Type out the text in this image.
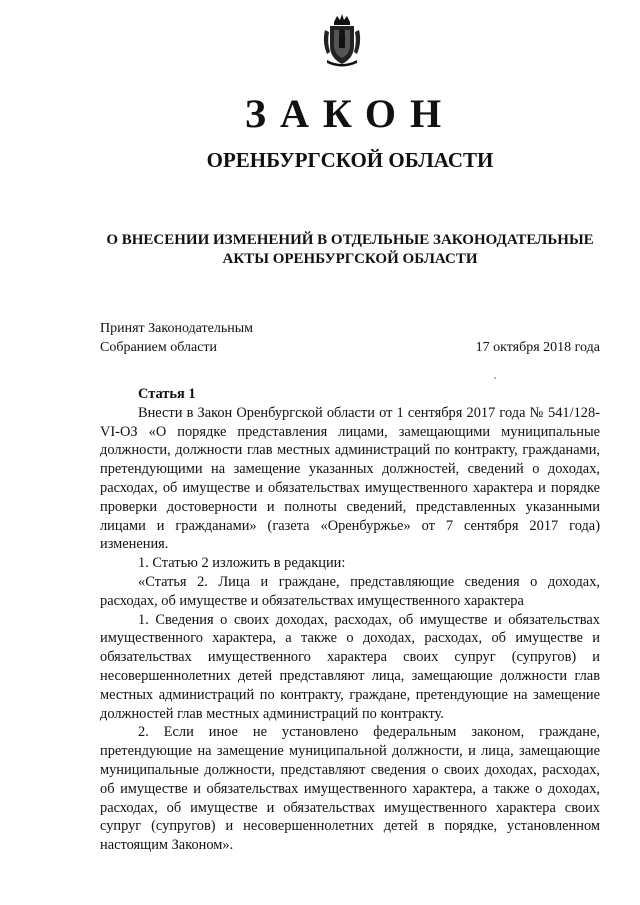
ЗАКОН
ОРЕНБУРГСКОЙ ОБЛАСТИ
О ВНЕСЕНИИ ИЗМЕНЕНИЙ В ОТДЕЛЬНЫЕ ЗАКОНОДАТЕЛЬНЫЕ
АКТЫ ОРЕНБУРГСКОЙ ОБЛАСТИ
Принят Законодательным
Собранием области	17 октября 2018 года

Статья 1

Внести в Закон Оренбургской области от 1 сентября 2017 года № 541/128-VI-ОЗ «О порядке представления лицами, замещающими муниципальные должности, должности глав местных администраций по контракту, гражданами, претендующими на замещение указанных должностей, сведений о доходах, расходах, об имуществе и обязательствах имущественного характера и порядке проверки достоверности и полноты сведений, представленных указанными лицами и гражданами» (газета «Оренбуржье» от 7 сентября 2017 года) изменения.

1. Статью 2 изложить в редакции:

«Статья 2. Лица и граждане, представляющие сведения о доходах, расходах, об имуществе и обязательствах имущественного характера

1. Сведения о своих доходах, расходах, об имуществе и обязательствах имущественного характера, а также о доходах, расходах, об имуществе и обязательствах имущественного характера своих супруг (супругов) и несовершеннолетних детей представляют лица, замещающие должности глав местных администраций по контракту, граждане, претендующие на замещение должностей глав местных администраций по контракту.

2. Если иное не установлено федеральным законом, граждане, претендующие на замещение муниципальной должности, и лица, замещающие муниципальные должности, представляют сведения о своих доходах, расходах, об имуществе и обязательствах имущественного характера, а также о доходах, расходах, об имуществе и обязательствах имущественного характера своих супруг (супругов) и несовершеннолетних детей в порядке, установленном настоящим Законом».
